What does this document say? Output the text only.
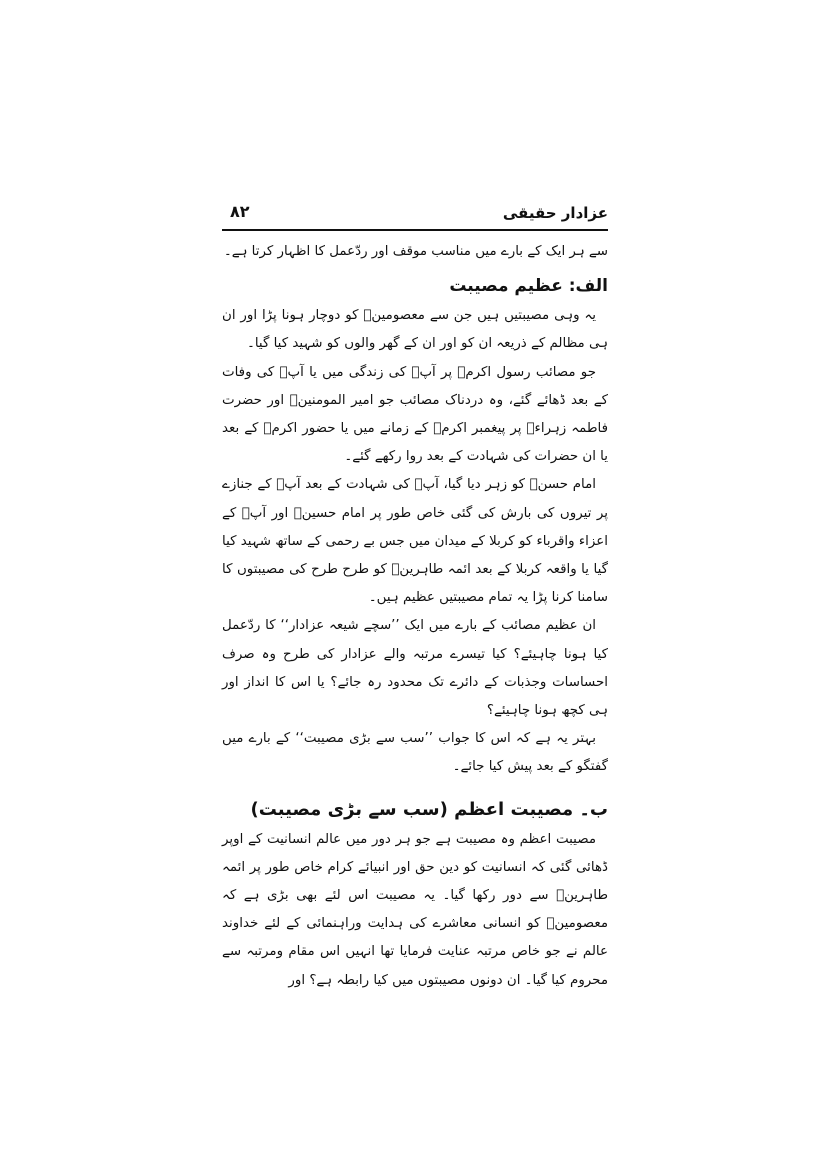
عزادار حقیقی
۸۲

سے ہر ایک کے بارے میں مناسب موقف اور ردّعمل کا اظہار کرتا ہے۔

الف: عظیم مصیبت

یہ وہی مصیبتیں ہیں جن سے معصومینؑ کو دوچار ہونا پڑا اور ان ہی مظالم کے ذریعہ ان کو اور ان کے گھر والوں کو شہید کیا گیا۔

جو مصائب رسول اکرمؐ پر آپؐ کی زندگی میں یا آپؐ کی وفات کے بعد ڈھائے گئے، وہ دردناک مصائب جو امیر المومنینؑ اور حضرت فاطمہ زہراءؑ پر پیغمبر اکرمؐ کے زمانے میں یا حضور اکرمؐ کے بعد یا ان حضرات کی شہادت کے بعد روا رکھے گئے۔

امام حسنؑ کو زہر دیا گیا، آپؑ کی شہادت کے بعد آپؑ کے جنازے پر تیروں کی بارش کی گئی خاص طور پر امام حسینؑ اور آپؑ کے اعزاء واقرباء کو کربلا کے میدان میں جس بے رحمی کے ساتھ شہید کیا گیا یا واقعہ کربلا کے بعد ائمہ طاہرینؑ کو طرح طرح کی مصیبتوں کا سامنا کرنا پڑا یہ تمام مصیبتیں عظیم ہیں۔

ان عظیم مصائب کے بارے میں ایک ’’سچے شیعہ عزادار‘‘ کا ردّعمل کیا ہونا چاہیئے؟ کیا تیسرے مرتبہ والے عزادار کی طرح وہ صرف احساسات وجذبات کے دائرے تک محدود رہ جائے؟ یا اس کا انداز اور ہی کچھ ہونا چاہیئے؟

بہتر یہ ہے کہ اس کا جواب ’’سب سے بڑی مصیبت‘‘ کے بارے میں گفتگو کے بعد پیش کیا جائے۔

ب۔ مصیبت اعظم (سب سے بڑی مصیبت)

مصیبت اعظم وہ مصیبت ہے جو ہر دور میں عالم انسانیت کے اوپر ڈھائی گئی کہ انسانیت کو دین حق اور انبیائے کرام خاص طور پر ائمہ طاہرینؑ سے دور رکھا گیا۔ یہ مصیبت اس لئے بھی بڑی ہے کہ معصومینؑ کو انسانی معاشرے کی ہدایت وراہنمائی کے لئے خداوند عالم نے جو خاص مرتبہ عنایت فرمایا تھا انہیں اس مقام ومرتبہ سے محروم کیا گیا۔ ان دونوں مصیبتوں میں کیا رابطہ ہے؟ اور
